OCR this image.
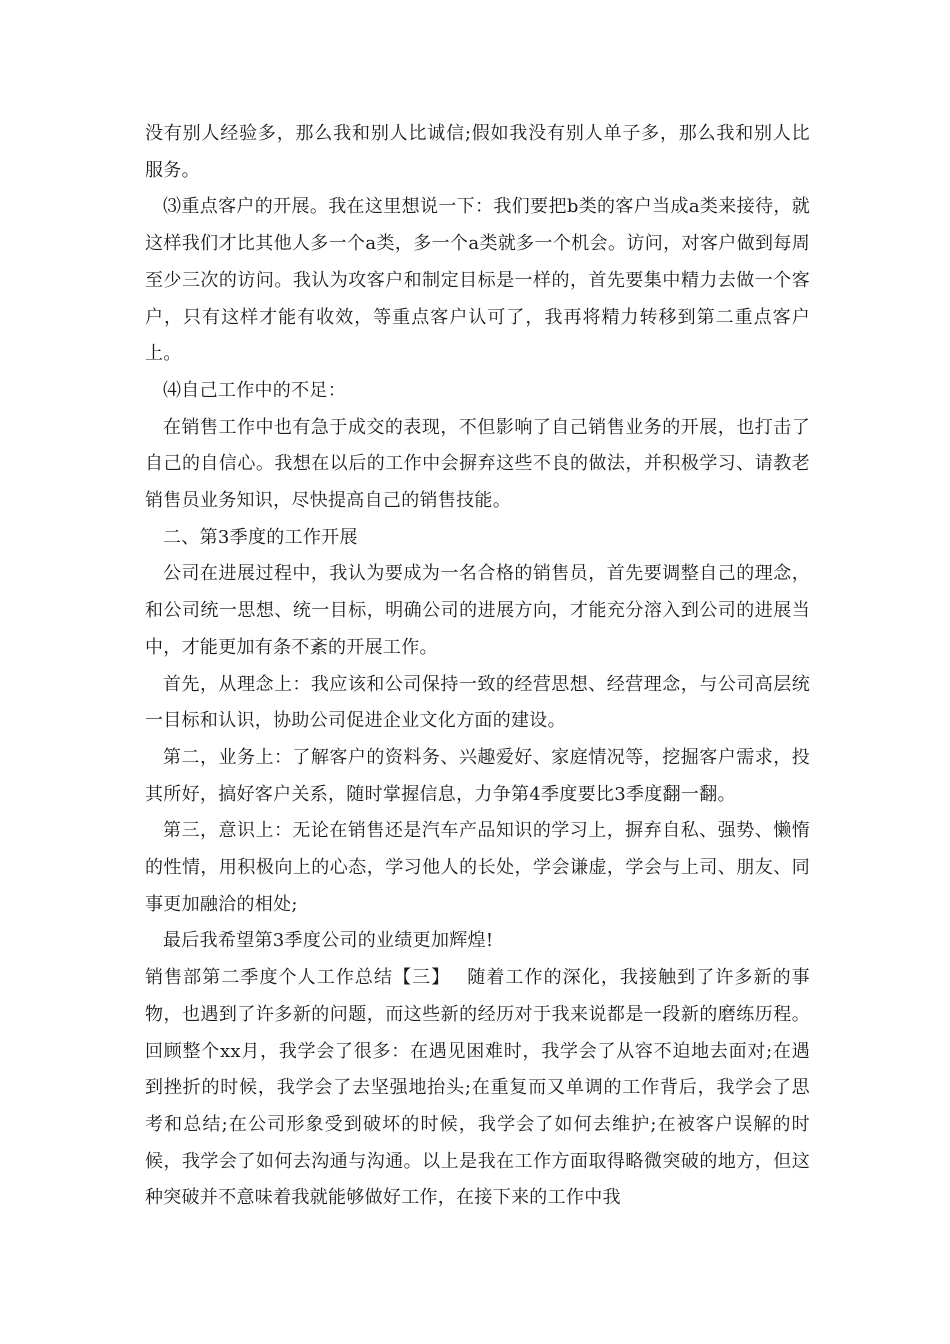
没有别人经验多，那么我和别人比诚信;假如我没有别人单子多，那么我和别人比服务。

⑶重点客户的开展。我在这里想说一下：我们要把b类的客户当成a类来接待，就这样我们才比其他人多一个a类，多一个a类就多一个机会。访问，对客户做到每周至少三次的访问。我认为攻客户和制定目标是一样的，首先要集中精力去做一个客户，只有这样才能有收效，等重点客户认可了，我再将精力转移到第二重点客户上。

⑷自己工作中的不足：

在销售工作中也有急于成交的表现，不但影响了自己销售业务的开展，也打击了自己的自信心。我想在以后的工作中会摒弃这些不良的做法，并积极学习、请教老销售员业务知识，尽快提高自己的销售技能。

二、第3季度的工作开展

公司在进展过程中，我认为要成为一名合格的销售员，首先要调整自己的理念，和公司统一思想、统一目标，明确公司的进展方向，才能充分溶入到公司的进展当中，才能更加有条不紊的开展工作。

首先，从理念上：我应该和公司保持一致的经营思想、经营理念，与公司高层统一目标和认识，协助公司促进企业文化方面的建设。

第二，业务上：了解客户的资料务、兴趣爱好、家庭情况等，挖掘客户需求，投其所好，搞好客户关系，随时掌握信息，力争第4季度要比3季度翻一翻。

第三，意识上：无论在销售还是汽车产品知识的学习上，摒弃自私、强势、懒惰的性情，用积极向上的心态，学习他人的长处，学会谦虚，学会与上司、朋友、同事更加融洽的相处;

最后我希望第3季度公司的业绩更加辉煌!

销售部第二季度个人工作总结【三】　 随着工作的深化，我接触到了许多新的事物，也遇到了许多新的问题，而这些新的经历对于我来说都是一段新的磨练历程。回顾整个xx月，我学会了很多：在遇见困难时，我学会了从容不迫地去面对;在遇到挫折的时候，我学会了去坚强地抬头;在重复而又单调的工作背后，我学会了思考和总结;在公司形象受到破坏的时候，我学会了如何去维护;在被客户误解的时候，我学会了如何去沟通与沟通。以上是我在工作方面取得略微突破的地方，但这种突破并不意味着我就能够做好工作，在接下来的工作中我
